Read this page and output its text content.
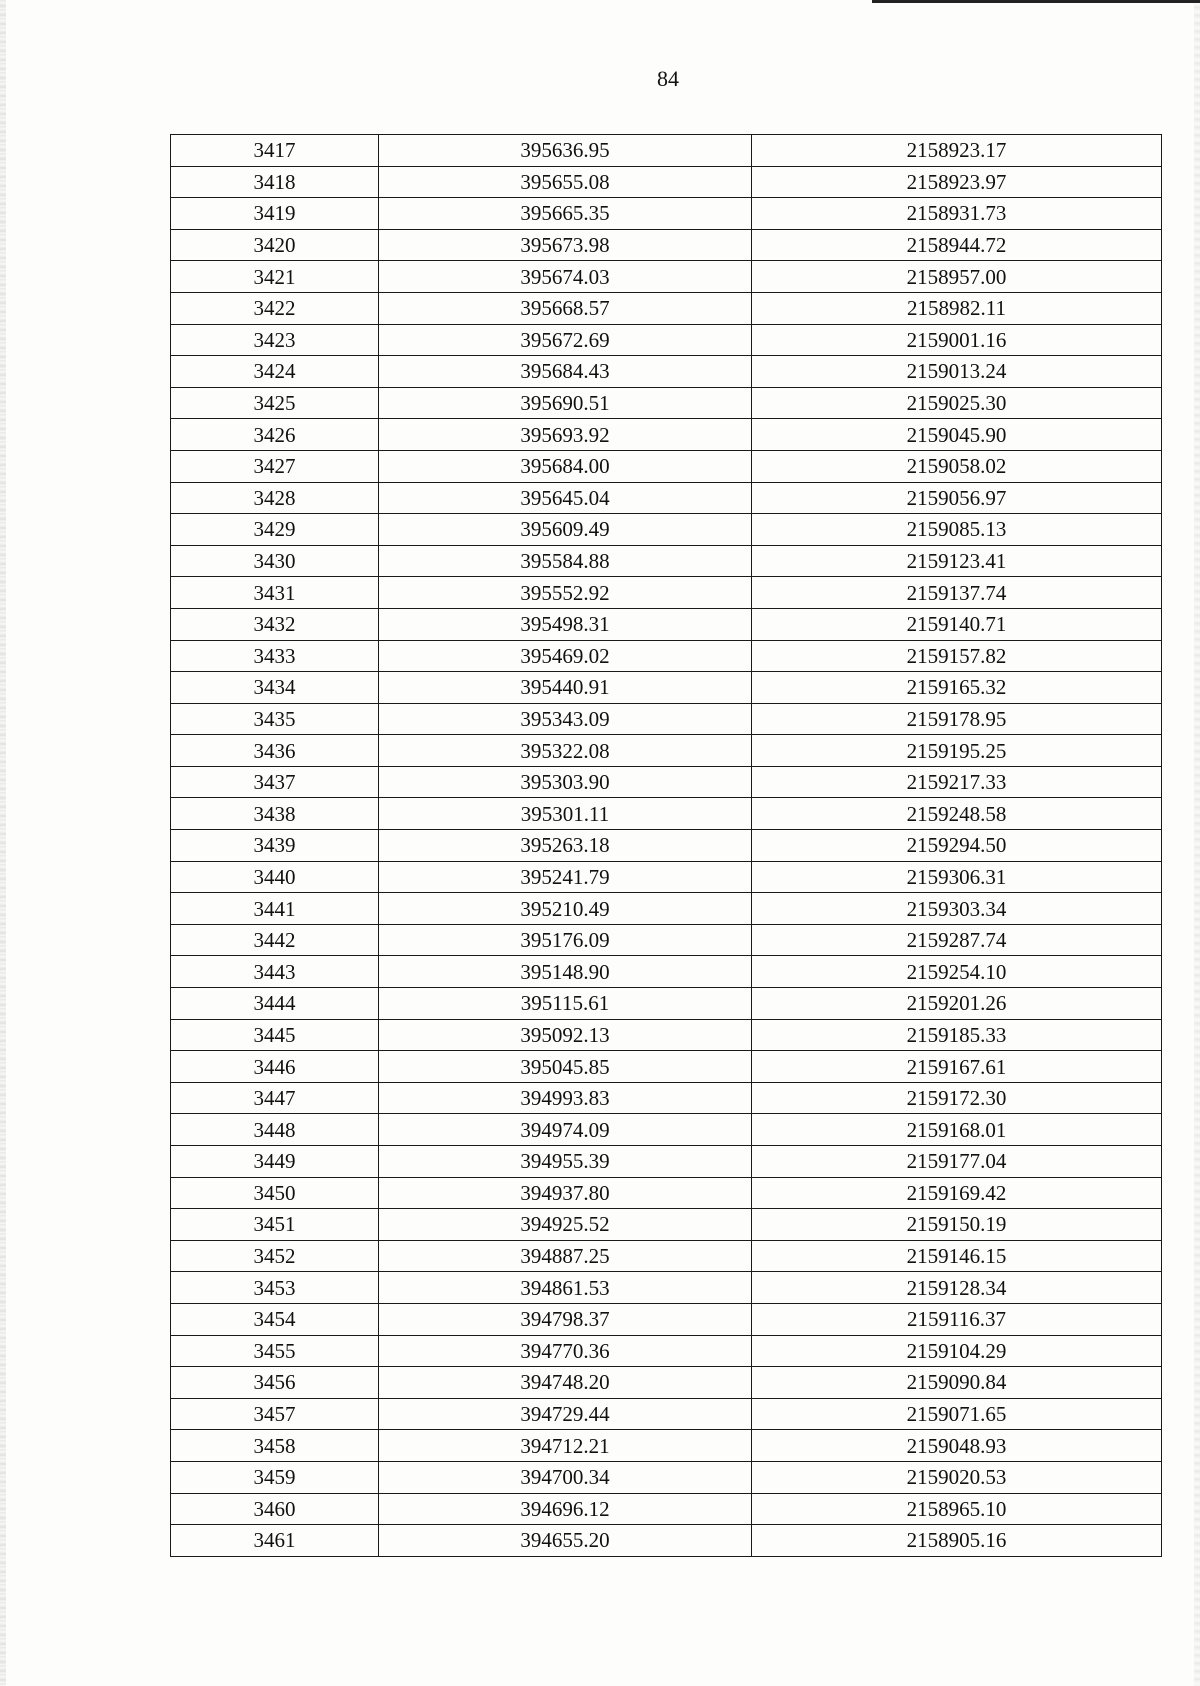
84
3417	395636.95	2158923.17
3418	395655.08	2158923.97
3419	395665.35	2158931.73
3420	395673.98	2158944.72
3421	395674.03	2158957.00
3422	395668.57	2158982.11
3423	395672.69	2159001.16
3424	395684.43	2159013.24
3425	395690.51	2159025.30
3426	395693.92	2159045.90
3427	395684.00	2159058.02
3428	395645.04	2159056.97
3429	395609.49	2159085.13
3430	395584.88	2159123.41
3431	395552.92	2159137.74
3432	395498.31	2159140.71
3433	395469.02	2159157.82
3434	395440.91	2159165.32
3435	395343.09	2159178.95
3436	395322.08	2159195.25
3437	395303.90	2159217.33
3438	395301.11	2159248.58
3439	395263.18	2159294.50
3440	395241.79	2159306.31
3441	395210.49	2159303.34
3442	395176.09	2159287.74
3443	395148.90	2159254.10
3444	395115.61	2159201.26
3445	395092.13	2159185.33
3446	395045.85	2159167.61
3447	394993.83	2159172.30
3448	394974.09	2159168.01
3449	394955.39	2159177.04
3450	394937.80	2159169.42
3451	394925.52	2159150.19
3452	394887.25	2159146.15
3453	394861.53	2159128.34
3454	394798.37	2159116.37
3455	394770.36	2159104.29
3456	394748.20	2159090.84
3457	394729.44	2159071.65
3458	394712.21	2159048.93
3459	394700.34	2159020.53
3460	394696.12	2158965.10
3461	394655.20	2158905.16
